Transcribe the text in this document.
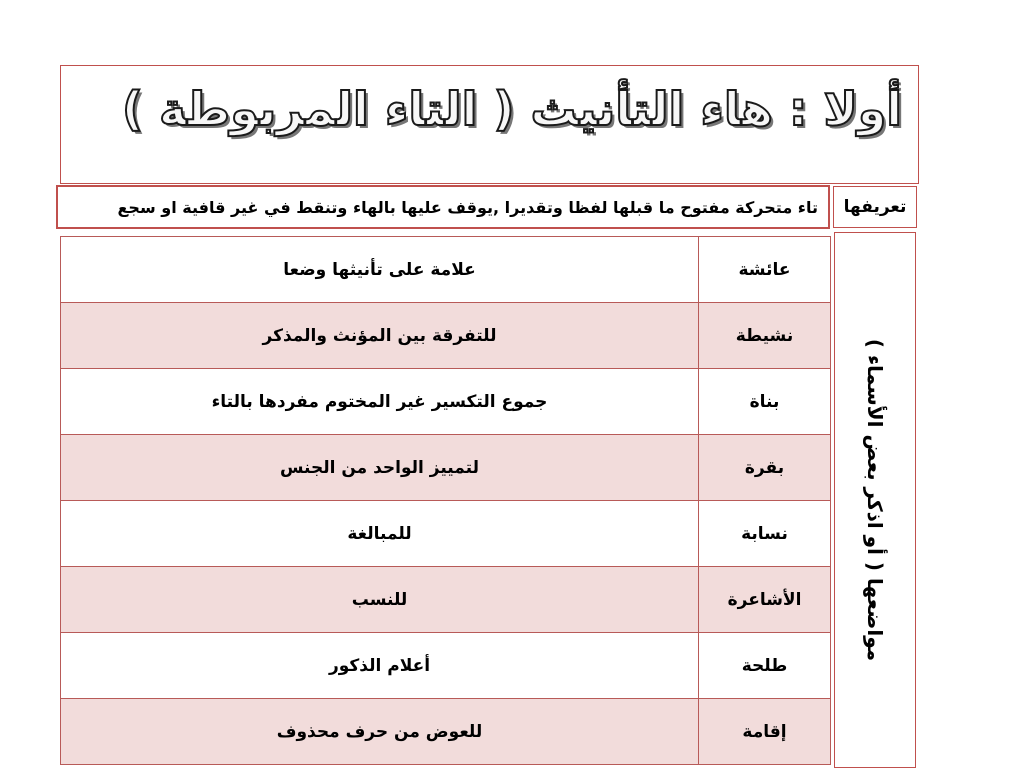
أولا : هاء التأنيث ( التاء المربوطة )
تعريفها
تاء متحركة مفتوح ما قبلها لفظا وتقديرا ,يوقف عليها بالهاء وتنقط في غير قافية او سجع
علامة على تأنيثها وضعا	عائشة
للتفرقة بين المؤنث والمذكر	نشيطة
جموع التكسير غير المختوم مفردها بالتاء	بناة
لتمييز الواحد من الجنس	بقرة
للمبالغة	نسابة
للنسب	الأشاعرة
أعلام الذكور	طلحة
للعوض من حرف محذوف	إقامة
مواضعها ( أو اذكر بعض الأسماء )
